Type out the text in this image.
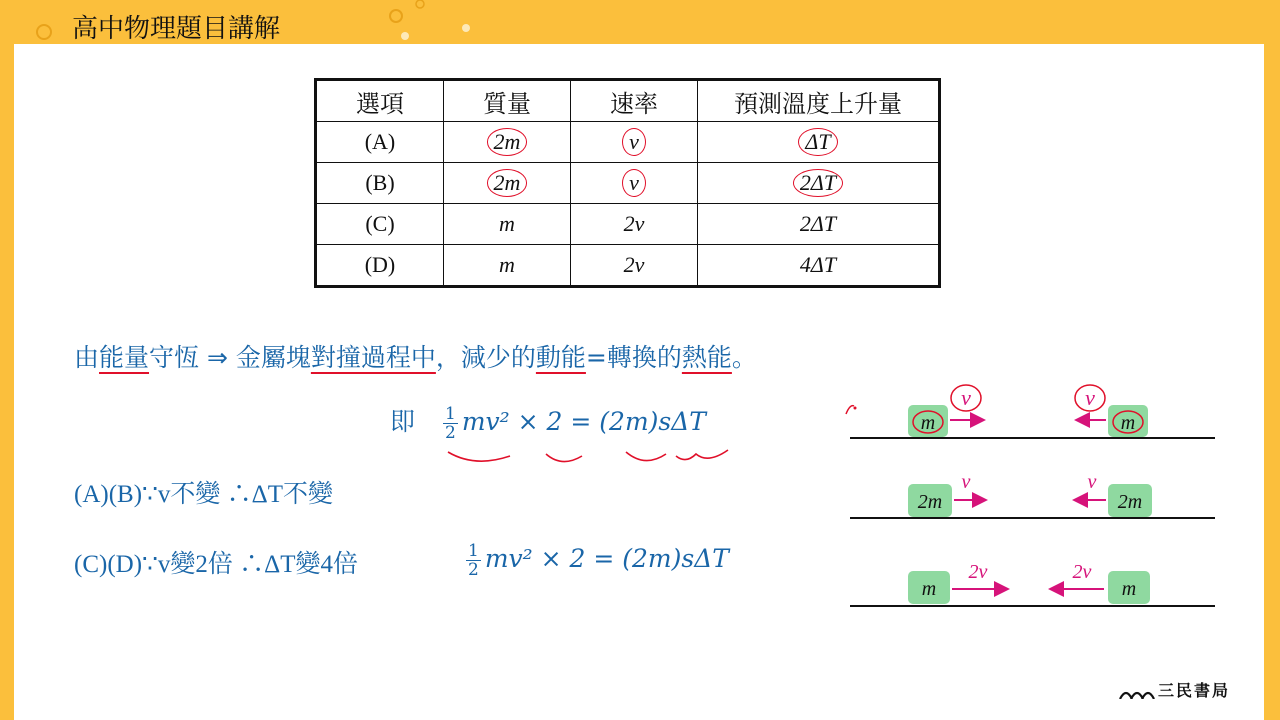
高中物理題目講解
選項	質量	速率	預測溫度上升量
(A)	2m	v	ΔT
(B)	2m	v	2ΔT
(C)	m	2v	2ΔT
(D)	m	2v	4ΔT
由能量守恆 ⇒ 金屬塊對撞過程中，減少的動能=轉換的熱能。
即 $\frac{1}{2} mv^2 \times 2 = (2m)s\Delta T$
(A)(B)∵v不變 ∴ΔT不變
(C)(D)∵v變2倍 ∴ΔT變4倍	$\frac{1}{2} mv^2 \times 2 = (2m)s\Delta T$
m
v
m
v
2m
v
2m
v
m
2v
m
2v
三民書局
